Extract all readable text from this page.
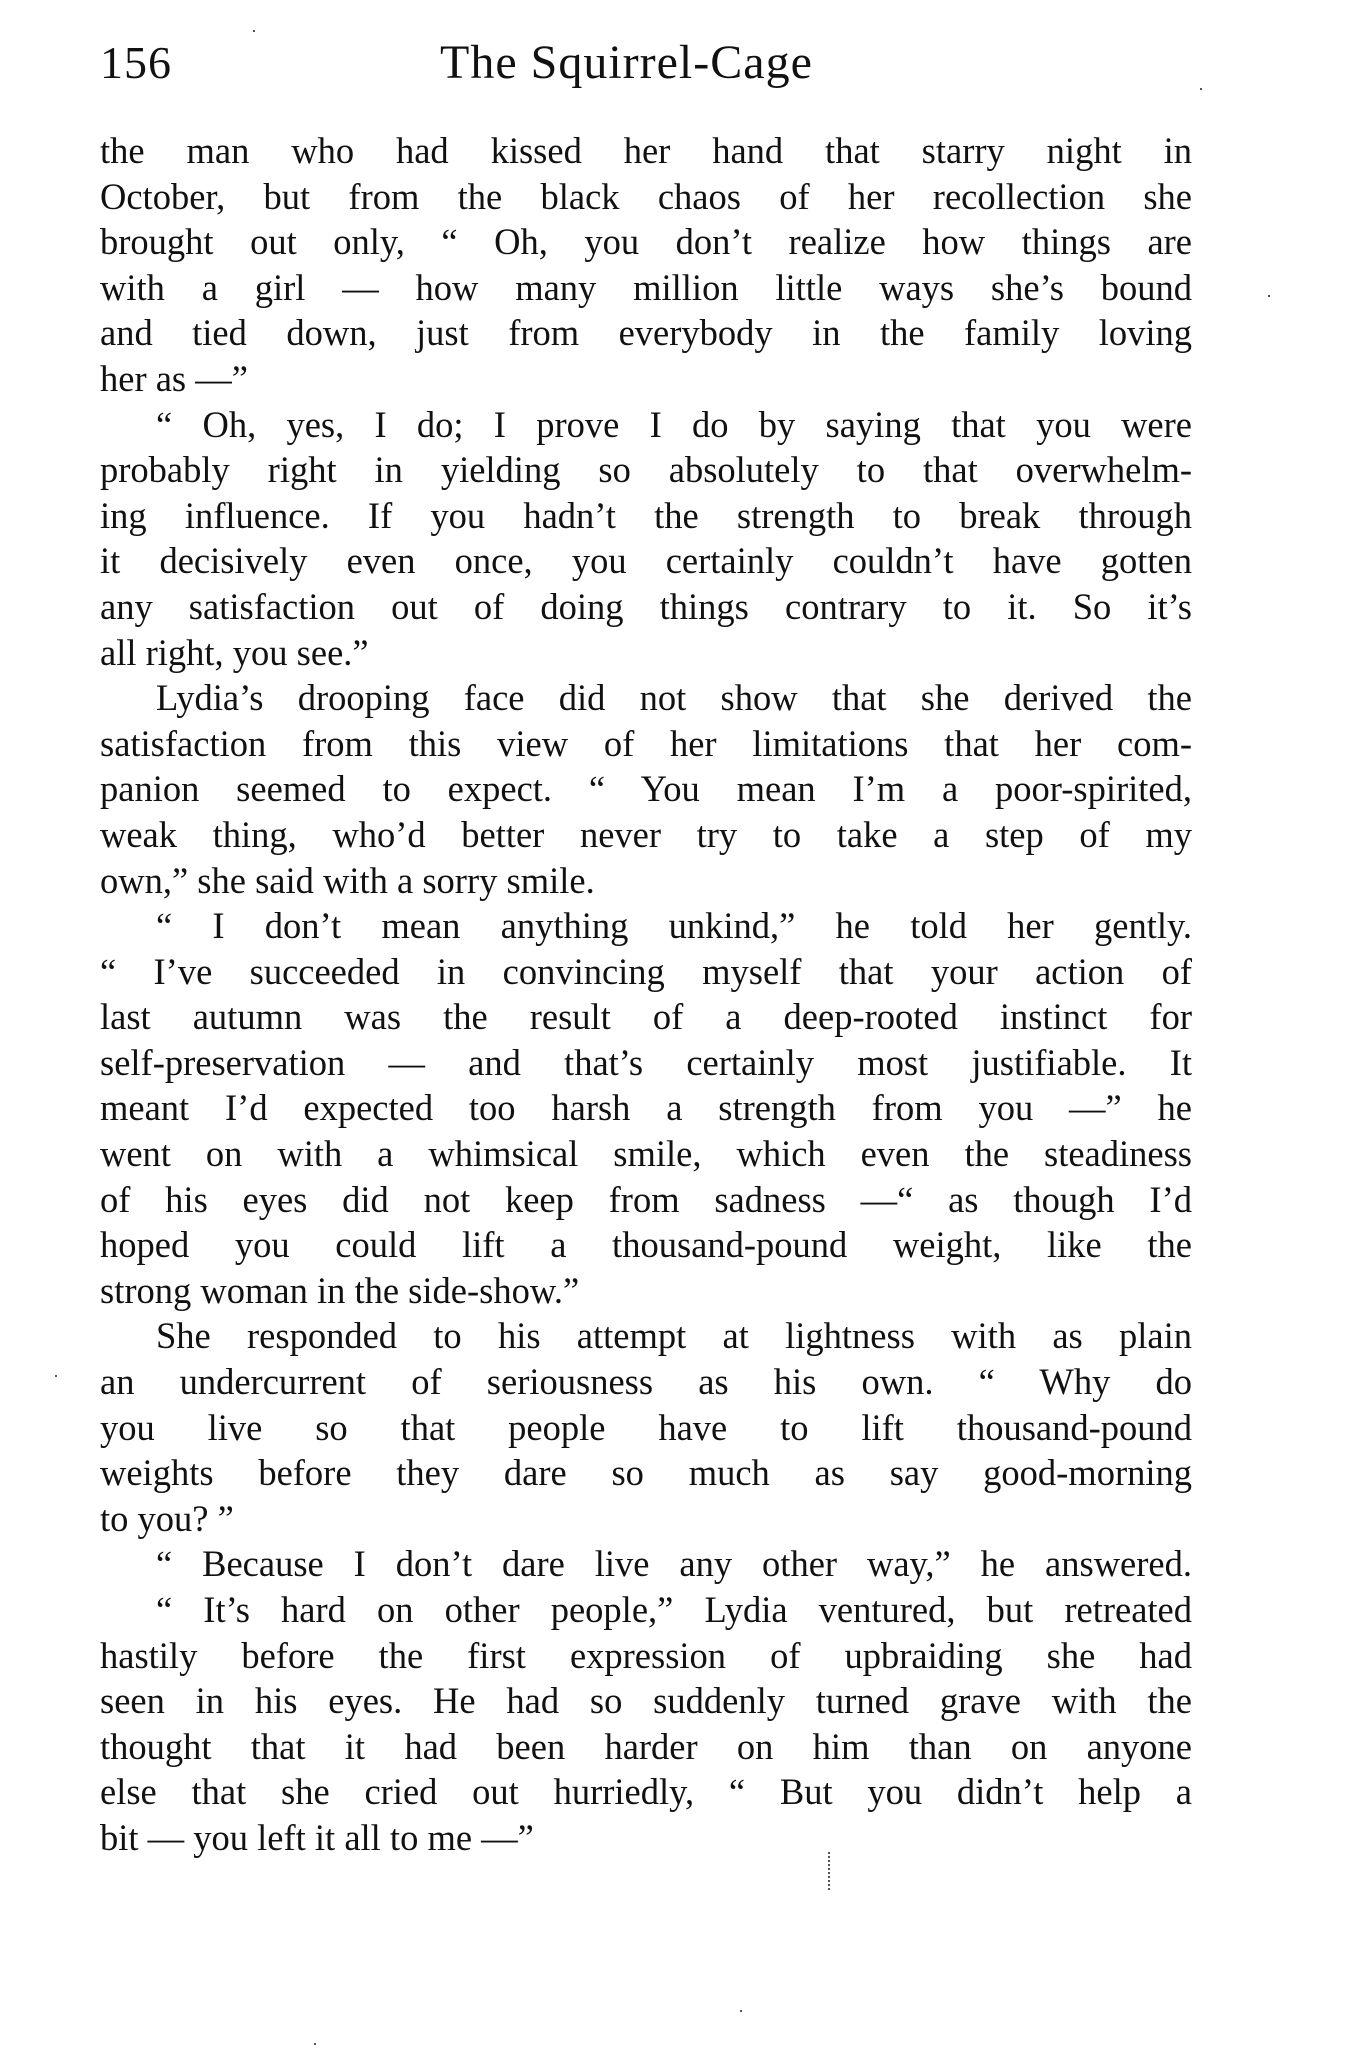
156	The Squirrel-Cage
the man who had kissed her hand that starry night in
October, but from the black chaos of her recollection she
brought out only, “ Oh, you don’t realize how things are
with a girl — how many million little ways she’s bound
and tied down, just from everybody in the family loving
her as —”
“ Oh, yes, I do; I prove I do by saying that you were
probably right in yielding so absolutely to that overwhelm-
ing influence. If you hadn’t the strength to break through
it decisively even once, you certainly couldn’t have gotten
any satisfaction out of doing things contrary to it. So it’s
all right, you see.”
Lydia’s drooping face did not show that she derived the
satisfaction from this view of her limitations that her com-
panion seemed to expect. “ You mean I’m a poor-spirited,
weak thing, who’d better never try to take a step of my
own,” she said with a sorry smile.
“ I don’t mean anything unkind,” he told her gently.
“ I’ve succeeded in convincing myself that your action of
last autumn was the result of a deep-rooted instinct for
self-preservation — and that’s certainly most justifiable. It
meant I’d expected too harsh a strength from you —” he
went on with a whimsical smile, which even the steadiness
of his eyes did not keep from sadness —“ as though I’d
hoped you could lift a thousand-pound weight, like the
strong woman in the side-show.”
She responded to his attempt at lightness with as plain
an undercurrent of seriousness as his own. “ Why do
you live so that people have to lift thousand-pound
weights before they dare so much as say good-morning
to you? ”
“ Because I don’t dare live any other way,” he answered.
“ It’s hard on other people,” Lydia ventured, but retreated
hastily before the first expression of upbraiding she had
seen in his eyes. He had so suddenly turned grave with the
thought that it had been harder on him than on anyone
else that she cried out hurriedly, “ But you didn’t help a
bit — you left it all to me —”
